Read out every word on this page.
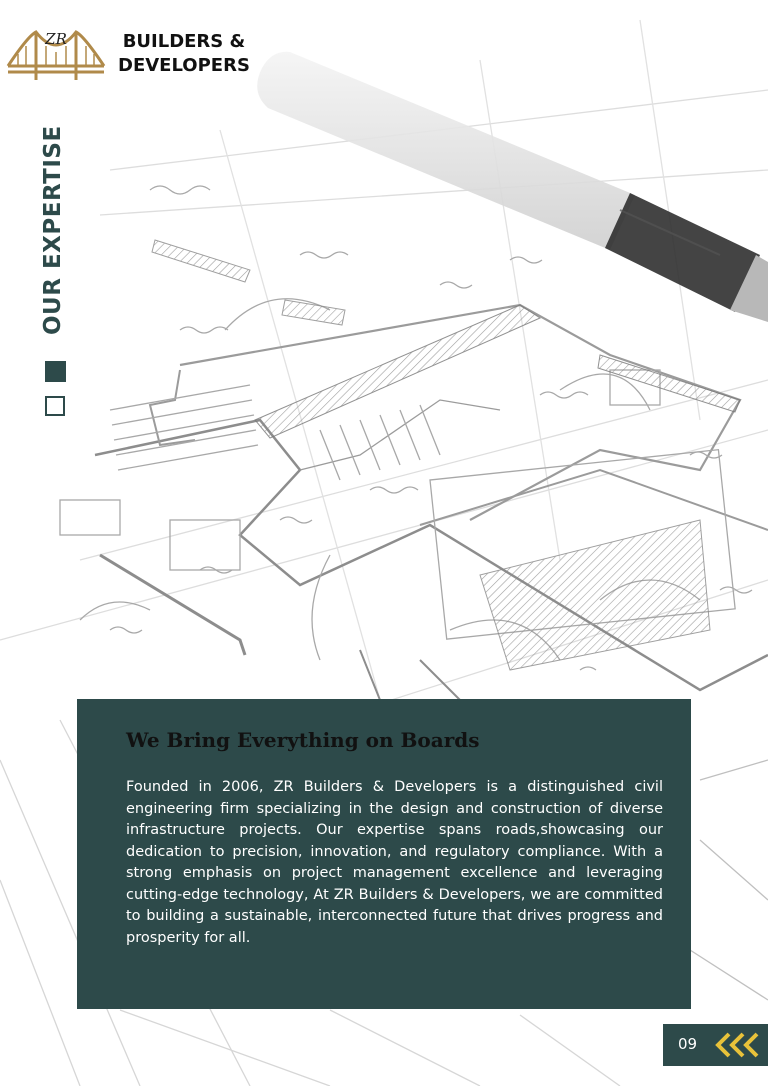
ZR	BUILDERS &
DEVELOPERS
OUR EXPERTISE
We Bring Everything on Boards

Founded in 2006, ZR Builders & Developers is a distinguished civil engineering firm specializing in the design and construction of diverse infrastructure projects. Our expertise spans roads,showcasing our dedication to precision, innovation, and regulatory compliance. With a strong emphasis on project management excellence and leveraging cutting-edge technology, At ZR Builders & Developers, we are committed to building a sustainable, interconnected future that drives progress and prosperity for all.

09
